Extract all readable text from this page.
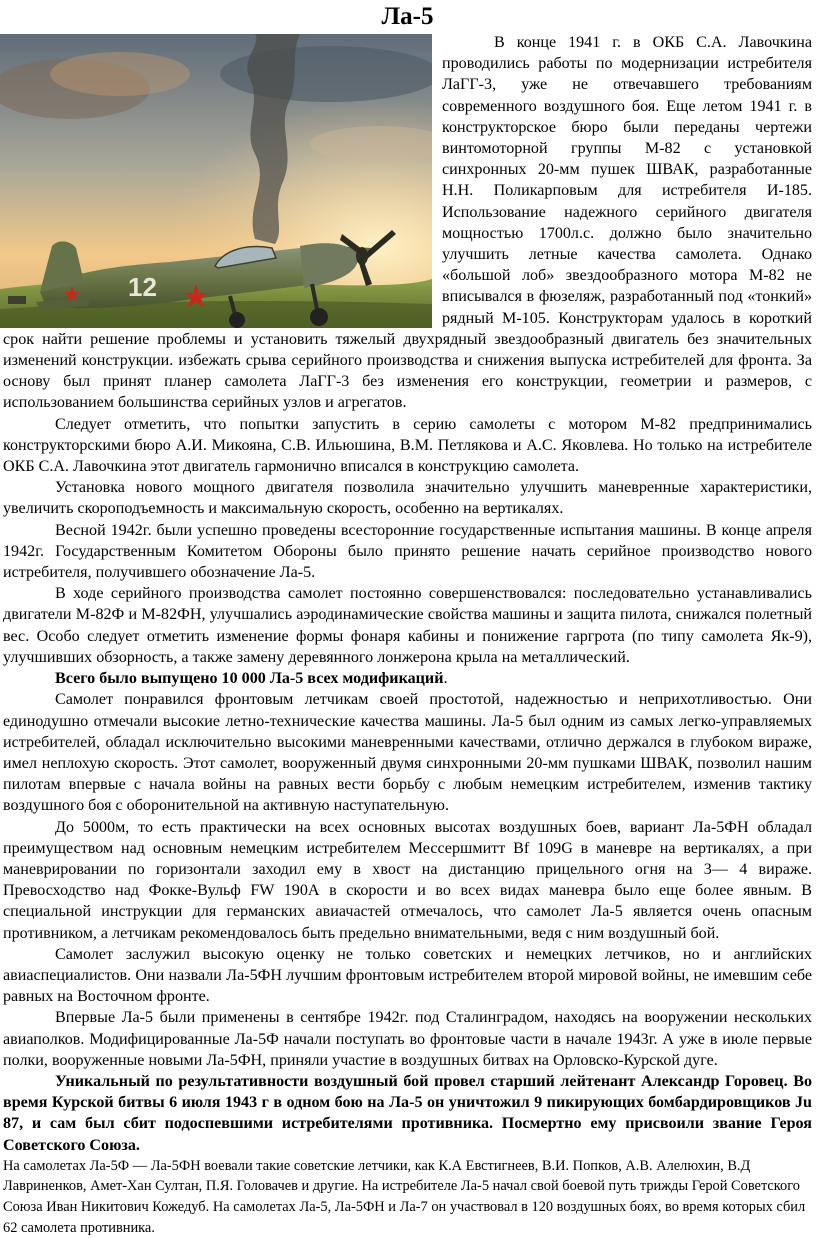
Ла-5

12
В конце 1941 г. в ОКБ С.А. Лавочкина проводились работы по модернизации истребителя ЛаГГ-3, уже не отвечавшего требованиям современного воздушного боя. Еще летом 1941 г. в конструкторское бюро были переданы чертежи винтомоторной группы М-82 с установкой синхронных 20-мм пушек ШВАК, разработанные Н.Н. Поликарповым для истребителя И-185. Использование надежного серийного двигателя мощностью 1700л.с. должно было значительно улучшить летные качества самолета. Однако «большой лоб» звездообразного мотора М-82 не вписывался в фюзеляж, разработанный под «тонкий» рядный М-105. Конструкторам удалось в короткий срок найти решение проблемы и установить тяжелый двухрядный звездообразный двигатель без значительных изменений конструкции. избежать срыва серийного производства и снижения выпуска истребителей для фронта. За основу был принят планер самолета ЛаГГ-3 без изменения его конструкции, геометрии и размеров, с использованием большинства серийных узлов и агрегатов.

Следует отметить, что попытки запустить в серию самолеты с мотором М-82 предпринимались конструкторскими бюро А.И. Микояна, С.В. Ильюшина, В.М. Петлякова и А.С. Яковлева. Но только на истребителе ОКБ С.А. Лавочкина этот двигатель гармонично вписался в конструкцию самолета.

Установка нового мощного двигателя позволила значительно улучшить маневренные характеристики, увеличить скороподъемность и максимальную скорость, особенно на вертикалях.

Весной 1942г. были успешно проведены всесторонние государственные испытания машины. В конце апреля 1942г. Государственным Комитетом Обороны было принято решение начать серийное производство нового истребителя, получившего обозначение Ла-5.

В ходе серийного производства самолет постоянно совершенствовался: последовательно устанавливались двигатели М-82Ф и М-82ФН, улучшались аэродинамические свойства машины и защита пилота, снижался полетный вес. Особо следует отметить изменение формы фонаря кабины и понижение гаргрота (по типу самолета Як-9), улучшивших обзорность, а также замену деревянного лонжерона крыла на металлический.

Всего было выпущено 10 000 Ла-5 всех модификаций.

Самолет понравился фронтовым летчикам своей простотой, надежностью и неприхотливостью. Они единодушно отмечали высокие летно-технические качества машины. Ла-5 был одним из самых легко-управляемых истребителей, обладал исключительно высокими маневренными качествами, отлично держался в глубоком вираже, имел неплохую скорость. Этот самолет, вооруженный двумя синхронными 20-мм пушками ШВАК, позволил нашим пилотам впервые с начала войны на равных вести борьбу с любым немецким истребителем, изменив тактику воздушного боя с оборонительной на активную наступательную.

До 5000м, то есть практически на всех основных высотах воздушных боев, вариант Ла-5ФН обладал преимуществом над основным немецким истребителем Мессершмитт Bf 109G в маневре на вертикалях, а при маневрировании по горизонтали заходил ему в хвост на дистанцию прицельного огня на 3— 4 вираже. Превосходство над Фокке-Вульф FW 190А в скорости и во всех видах маневра было еще более явным. В специальной инструкции для германских авиачастей отмечалось, что самолет Ла-5 является очень опасным противником, а летчикам рекомендовалось быть предельно внимательными, ведя с ним воздушный бой.

Самолет заслужил высокую оценку не только советских и немецких летчиков, но и английских авиаспециалистов. Они назвали Ла-5ФН лучшим фронтовым истребителем второй мировой войны, не имевшим себе равных на Восточном фронте.

Впервые Ла-5 были применены в сентябре 1942г. под Сталинградом, находясь на вооружении нескольких авиаполков. Модифицированные Ла-5Ф начали поступать во фронтовые части в начале 1943г. А уже в июле первые полки, вооруженные новыми Ла-5ФН, приняли участие в воздушных битвах на Орловско-Курской дуге.

Уникальный по результативности воздушный бой провел старший лейтенант Александр Горовец. Во время Курской битвы 6 июля 1943 г в одном бою на Ла-5 он уничтожил 9 пикирующих бомбардировщиков Ju 87, и сам был сбит подоспевшими истребителями противника. Посмертно ему присвоили звание Героя Советского Союза.

На самолетах Ла-5Ф — Ла-5ФН воевали такие советские летчики, как К.А Евстигнеев, В.И. Попков, А.В. Алелюхин, В.Д Лавриненков, Амет-Хан Султан, П.Я. Головачев и другие. На истребителе Ла-5 начал свой боевой путь трижды Герой Советского Союза Иван Никитович Кожедуб. На самолетах Ла-5, Ла-5ФН и Ла-7 он участвовал в 120 воздушных боях, во время которых сбил 62 самолета противника.
